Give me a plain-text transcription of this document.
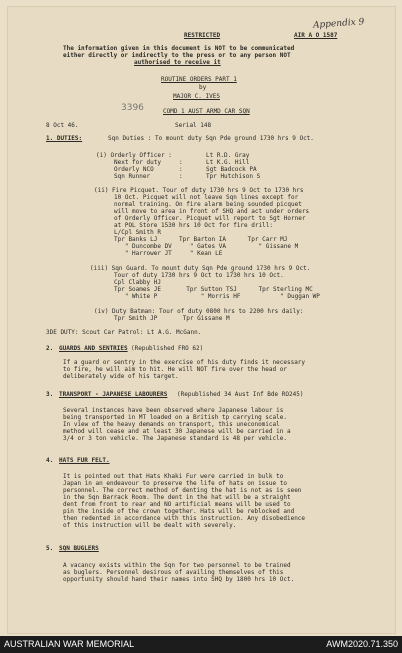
Appendix 9
RESTRICTED	AIR A O 1587
The information given in this document is NOT to be communicated
either directly or indirectly to the press or to any person NOT
authorised to receive it
ROUTINE ORDERS PART 1
by
MAJOR C. IVES
COMD 1 AUST ARMD CAR SQN
3396
8 Oct 46.	Serial 148
1. DUTIES:	Sqn Duties : To mount duty Sqn Pde ground 1730 hrs 9 Oct.
(i) Orderly Officer :	Lt R.D. Gray
Next for duty     :	Lt K.G. Hill
Orderly NCO       :	Sgt Badcock PA
Sqn Runner        :	Tpr Hutchison S
(ii) Fire Picquet. Tour of duty 1730 hrs 9 Oct to 1730 hrs
10 Oct. Picquet will not leave Sqn lines except for
normal training. On fire alarm being sounded picquet
will move to area in front of SHQ and act under orders
of Orderly Officer. Picquet will report to Sgt Horner
at POL Store 1530 hrs 10 Oct for fire drill:
L/Cpl Smith R
Tpr Banks LJ      Tpr Barton IA      Tpr Carr MJ
" Duncombe DV     " Gates VA         " Gissane M
" Harrower JT     " Kean LE
(iii) Sqn Guard. To mount duty Sqn Pde ground 1730 hrs 9 Oct.
Tour of duty 1730 hrs 9 Oct to 1730 hrs 10 Oct.
Cpl Clabby HJ
Tpr Soames JE       Tpr Sutton TSJ      Tpr Sterling MC
" White P            " Morris HF           " Duggan WP
(iv) Duty Batman: Tour of duty 0800 hrs to 2200 hrs daily:
Tpr Smith JP       Tpr Gissane M
3DE DUTY: Scout Car Patrol: Lt A.G. McGann.
2. GUARDS AND SENTRIES (Republished FRO 62)
If a guard or sentry in the exercise of his duty finds it necessary
to fire, he will aim to hit. He will NOT fire over the head or
deliberately wide of his target.
3. TRANSPORT - JAPANESE LABOURERS (Republished 34 Aust Inf Bde RO245)
Several instances have been observed where Japanese labour is
being transported in MT loaded on a British tp carrying scale.
In view of the heavy demands on transport, this uneconomical
method will cease and at least 30 Japanese will be carried in a
3/4 or 3 ton vehicle. The Japanese standard is 48 per vehicle.
4. HATS FUR FELT.
It is pointed out that Hats Khaki Fur were carried in bulk to
Japan in an endeavour to preserve the life of hats on issue to
personnel. The correct method of denting the hat is not as is seen
in the Sqn Barrack Room. The dent in the hat will be a straight
dent from front to rear and NO artificial means will be used to
pin the inside of the crown together. Hats will be reblocked and
then redented in accordance with this instruction. Any disobedience
of this instruction will be dealt with severely.
5. SQN BUGLERS
A vacancy exists within the Sqn for two personnel to be trained
as buglers. Personnel desirous of availing themselves of this
opportunity should hand their names into SHQ by 1800 hrs 10 Oct.
AUSTRALIAN WAR MEMORIAL	AWM2020.71.350
